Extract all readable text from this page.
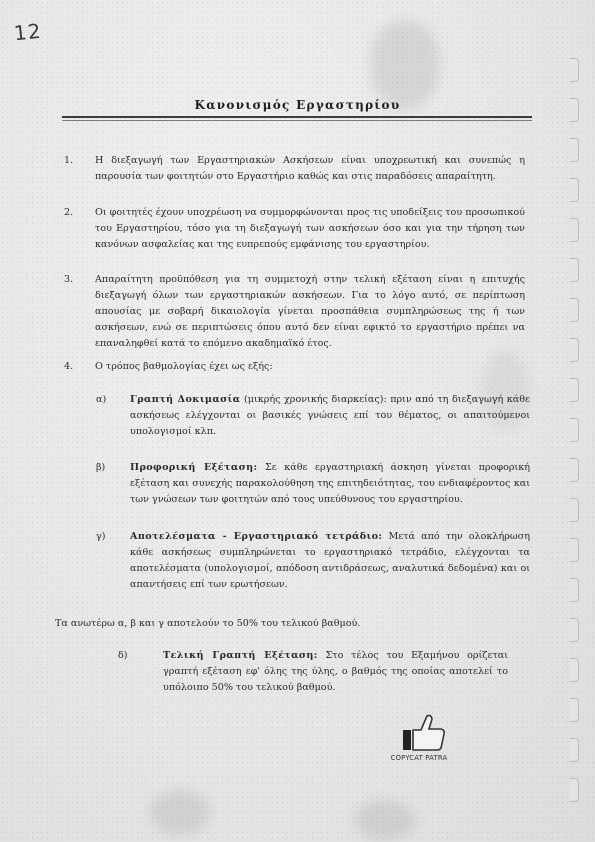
12
Κανονισμός Εργαστηρίου
1. Η διεξαγωγή των Εργαστηριακών Ασκήσεων είναι υποχρεωτική και συνεπώς η παρουσία των φοιτητών στο Εργαστήριο καθώς και στις παραδόσεις απαραίτητη.
2. Οι φοιτητές έχουν υποχρέωση να συμμορφώνονται προς τις υποδείξεις του προσωπικού του Εργαστηρίου, τόσο για τη διεξαγωγή των ασκήσεων όσο και για την τήρηση των κανόνων ασφαλείας και της ευπρεπούς εμφάνισης του εργαστηρίου.
3. Απαραίτητη προϋπόθεση για τη συμμετοχή στην τελική εξέταση είναι η επιτυχής διεξαγωγή όλων των εργαστηριακών ασκήσεων. Για το λόγο αυτό, σε περίπτωση απουσίας με σοβαρή δικαιολογία γίνεται προσπάθεια συμπληρώσεως της ή των ασκήσεων, ενώ σε περιπτώσεις όπου αυτό δεν είναι εφικτό το εργαστήριο πρέπει να επαναληφθεί κατά το επόμενο ακαδημαϊκό έτος.
4. Ο τρόπος βαθμολογίας έχει ως εξής:
α) Γραπτή Δοκιμασία (μικρής χρονικής διαρκείας): πριν από τη διεξαγωγή κάθε ασκήσεως ελέγχονται οι βασικές γνώσεις επί του θέματος, οι απαιτούμενοι υπολογισμοί κλπ.
β)	Προφορική Εξέταση: Σε κάθε εργαστηριακή άσκηση γίνεται προφορική εξέταση και συνεχής παρακολούθηση της επιτηδειότητας, του ενδιαφέροντος και των γνώσεων των φοιτητών από τους υπεύθυνους του εργαστηρίου.
γ)	Αποτελέσματα - Εργαστηριακό τετράδιο: Μετά από την ολοκλήρωση κάθε ασκήσεως συμπληρώνεται το εργαστηριακό τετράδιο, ελέγχονται τα αποτελέσματα (υπολογισμοί, απόδοση αντιδράσεως, αναλυτικά δεδομένα) και οι απαντήσεις επί των ερωτήσεων.
Τα ανωτέρω α, β και γ αποτελούν το 50% του τελικού βαθμού.
δ)	Τελική Γραπτή Εξέταση: Στο τέλος του Εξαμήνου ορίζεται γραπτή εξέταση εφ' όλης της ύλης, ο βαθμός της οποίας αποτελεί το υπόλοιπο 50% του τελικού βαθμού.
COPYCAT PATRA
